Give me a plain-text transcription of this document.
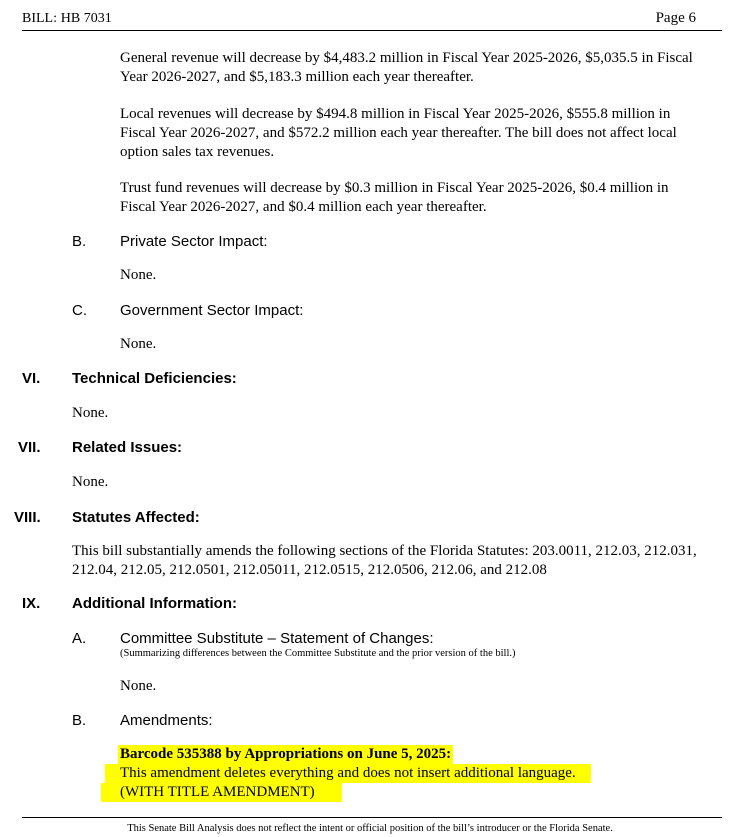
BILL: HB 7031	Page 6
General revenue will decrease by $4,483.2 million in Fiscal Year 2025-2026, $5,035.5 in Fiscal Year 2026-2027, and $5,183.3 million each year thereafter.
Local revenues will decrease by $494.8 million in Fiscal Year 2025-2026, $555.8 million in Fiscal Year 2026-2027, and $572.2 million each year thereafter. The bill does not affect local option sales tax revenues.
Trust fund revenues will decrease by $0.3 million in Fiscal Year 2025-2026, $0.4 million in Fiscal Year 2026-2027, and $0.4 million each year thereafter.
B. Private Sector Impact:
None.
C. Government Sector Impact:
None.
VI. Technical Deficiencies:
None.
VII. Related Issues:
None.
VIII. Statutes Affected:
This bill substantially amends the following sections of the Florida Statutes: 203.0011, 212.03, 212.031, 212.04, 212.05, 212.0501, 212.05011, 212.0515, 212.0506, 212.06, and 212.08
IX. Additional Information:
A. Committee Substitute – Statement of Changes:
(Summarizing differences between the Committee Substitute and the prior version of the bill.)
None.
B. Amendments:
Barcode 535388 by Appropriations on June 5, 2025:
This amendment deletes everything and does not insert additional language.
(WITH TITLE AMENDMENT)
This Senate Bill Analysis does not reflect the intent or official position of the bill’s introducer or the Florida Senate.
